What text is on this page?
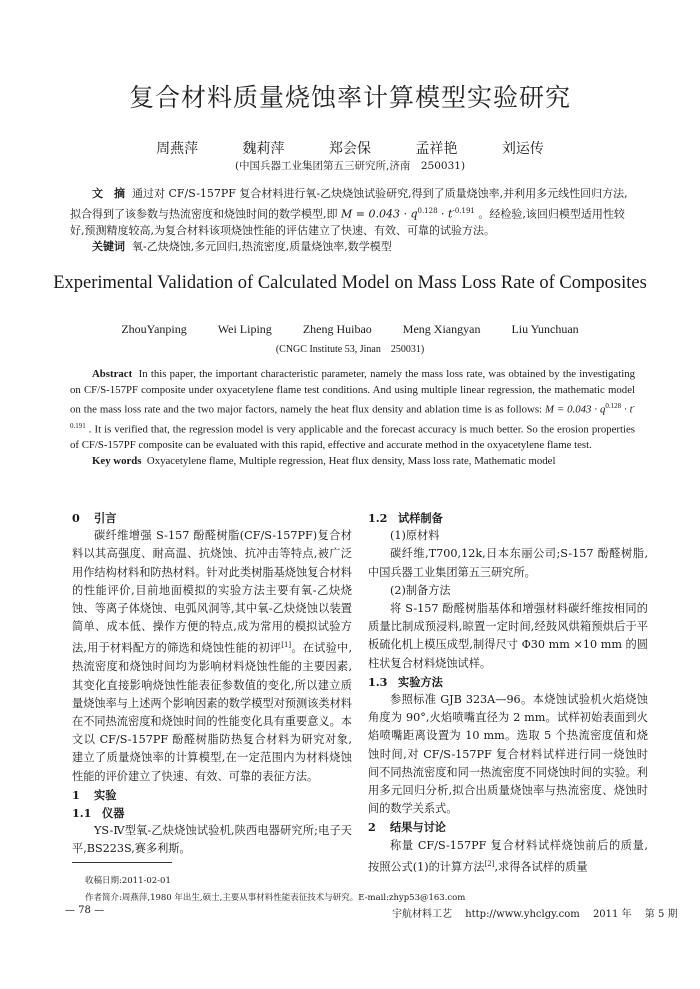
复合材料质量烧蚀率计算模型实验研究
周燕萍	魏莉萍	郑会保	孟祥艳	刘运传
(中国兵器工业集团第五三研究所,济南　250031)
文　摘 通过对 CF/S-157PF 复合材料进行氧-乙炔烧蚀试验研究,得到了质量烧蚀率,并利用多元线性回归方法,拟合得到了该参数与热流密度和烧蚀时间的数学模型,即 $M = 0.043 \cdot q^{0.128} \cdot t^{-0.191}$ 。经检验,该回归模型适用性较好,预测精度较高,为复合材料该项烧蚀性能的评估建立了快速、有效、可靠的试验方法。
关键词 氧-乙炔烧蚀,多元回归,热流密度,质量烧蚀率,数学模型
Experimental Validation of Calculated Model on Mass Loss Rate of Composites
ZhouYanping	Wei Liping	Zheng Huibao	Meng Xiangyan	Liu Yunchuan
(CNGC Institute 53, Jinan　250031)
Abstract In this paper, the important characteristic parameter, namely the mass loss rate, was obtained by the investigating on CF/S-157PF composite under oxyacetylene flame test conditions. And using multiple linear regression, the mathematic model on the mass loss rate and the two major factors, namely the heat flux density and ablation time is as follows: $M = 0.043 \cdot q^{0.128} \cdot t^{-0.191}$ . It is verified that, the regression model is very applicable and the forecast accuracy is much better. So the erosion properties of CF/S-157PF composite can be evaluated with this rapid, effective and accurate method in the oxyacetylene flame test.
Key words Oxyacetylene flame, Multiple regression, Heat flux density, Mass loss rate, Mathematic model
0 引言
碳纤维增强 S-157 酚醛树脂(CF/S-157PF)复合材料以其高强度、耐高温、抗烧蚀、抗冲击等特点,被广泛用作结构材料和防热材料。针对此类树脂基烧蚀复合材料的性能评价,目前地面模拟的实验方法主要有氧-乙炔烧蚀、等离子体烧蚀、电弧风洞等,其中氧-乙炔烧蚀以装置简单、成本低、操作方便的特点,成为常用的模拟试验方法,用于材料配方的筛选和烧蚀性能的初评[1]。在试验中,热流密度和烧蚀时间均为影响材料烧蚀性能的主要因素,其变化直接影响烧蚀性能表征参数值的变化,所以建立质量烧蚀率与上述两个影响因素的数学模型对预测该类材料在不同热流密度和烧蚀时间的性能变化具有重要意义。本文以 CF/S-157PF 酚醛树脂防热复合材料为研究对象,建立了质量烧蚀率的计算模型,在一定范围内为材料烧蚀性能的评价建立了快速、有效、可靠的表征方法。
1 实验
1.1 仪器
YS-Ⅳ型氧-乙炔烧蚀试验机,陕西电器研究所;电子天平,BS223S,赛多利斯。
1.2 试样制备
(1)原材料
碳纤维,T700,12k,日本东丽公司;S-157 酚醛树脂,中国兵器工业集团第五三研究所。
(2)制备方法
将 S-157 酚醛树脂基体和增强材料碳纤维按相同的质量比制成预浸料,晾置一定时间,经鼓风烘箱预烘后于平板硫化机上模压成型,制得尺寸 Φ30 mm ×10 mm 的圆柱状复合材料烧蚀试样。
1.3 实验方法
参照标准 GJB 323A—96。本烧蚀试验机火焰烧蚀角度为 90°,火焰喷嘴直径为 2 mm。试样初始表面到火焰喷嘴距离设置为 10 mm。选取 5 个热流密度值和烧蚀时间,对 CF/S-157PF 复合材料试样进行同一烧蚀时间不同热流密度和同一热流密度不同烧蚀时间的实验。利用多元回归分析,拟合出质量烧蚀率与热流密度、烧蚀时间的数学关系式。
2 结果与讨论
称量 CF/S-157PF 复合材料试样烧蚀前后的质量,按照公式(1)的计算方法[2],求得各试样的质量
收稿日期:2011-02-01
作者简介:周燕萍,1980 年出生,硕士,主要从事材料性能表征技术与研究。E-mail:zhyp53@163.com
— 78 —	宇航材料工艺 http://www.yhclgy.com 2011 年 第 5 期
